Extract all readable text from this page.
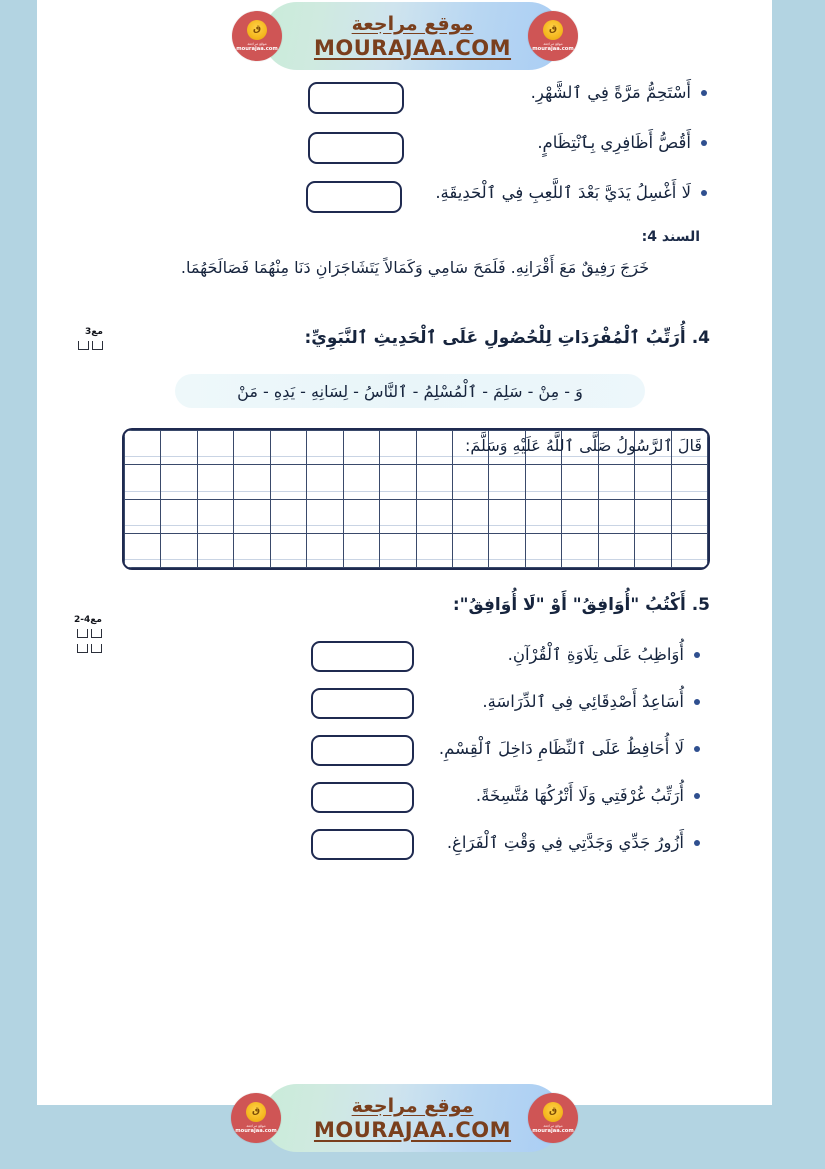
موقع مراجعة
MOURAJAA.COM
ق
موقع مراجعة
mourajaa.com
ق
موقع مراجعة
mourajaa.com
أَسْتَحِمُّ مَرَّةً فِي ٱلشَّهْرِ.
أَقُصُّ أَظَافِرِي بِٱنْتِظَامٍ.
لَا أَغْسِلُ يَدَيَّ بَعْدَ ٱللَّعِبِ فِي ٱلْحَدِيقَةِ.
السند 4:
خَرَجَ رَفِيقٌ مَعَ أَقْرَانِهِ. فَلَمَحَ سَامِي وَكَمَالاً يَتَشَاجَرَانِ دَنَا مِنْهُمَا فَصَالَحَهُمَا.
4. أُرَتِّبُ ٱلْمُفْرَدَاتِ لِلْحُصُولِ عَلَى ٱلْحَدِيثِ ٱلنَّبَوِيِّ:
وَ - مِنْ - سَلِمَ - ٱلْمُسْلِمُ - ٱلنَّاسُ - لِسَانِهِ - يَدِهِ - مَنْ

قَالَ ٱلرَّسُولُ صَلَّى ٱللَّهُ عَلَيْهِ وَسَلَّمَ:
5. أَكْتُبُ "أُوَافِقُ" أَوْ "لَا أُوَافِقُ":
أُوَاظِبُ عَلَى تِلَاوَةِ ٱلْقُرْآنِ.
أُسَاعِدُ أَصْدِقَائِي فِي ٱلدِّرَاسَةِ.
لَا أُحَافِظُ عَلَى ٱلنِّظَامِ دَاخِلَ ٱلْقِسْمِ.
أُرَتِّبُ غُرْفَتِي وَلَا أَتْرُكُهَا مُتَّسِخَةً.
أَزُورُ جَدِّي وَجَدَّتِي فِي وَقْتِ ٱلْفَرَاغِ.
مع3
مع4-2
موقع مراجعة
MOURAJAA.COM
ق
موقع مراجعة
mourajaa.com
ق
موقع مراجعة
mourajaa.com
